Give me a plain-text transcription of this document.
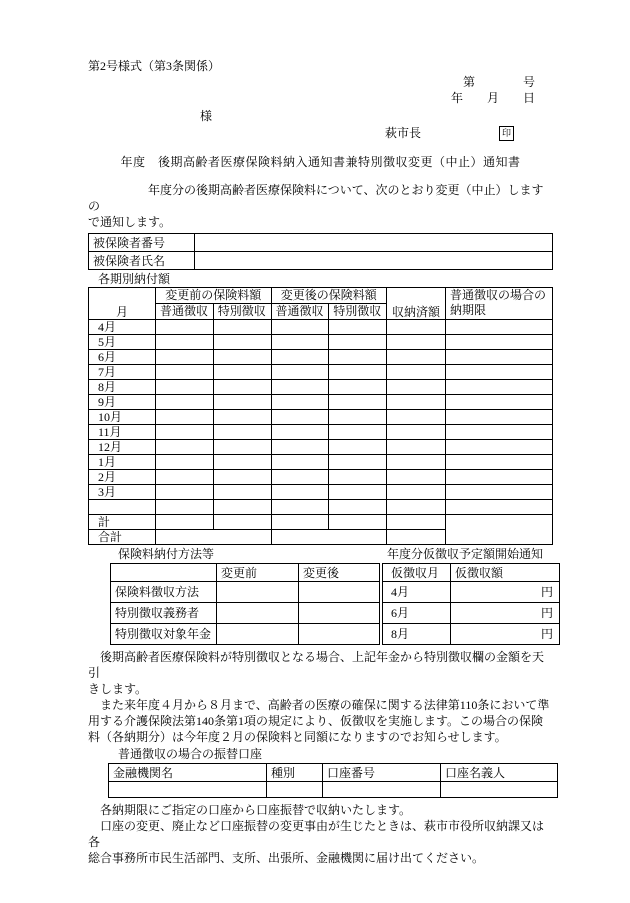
第2号様式（第3条関係）
第　　　　号
年　　月　　日
様
萩市長	印
年度　後期高齢者医療保険料納入通知書兼特別徴収変更（中止）通知書
　　　　　年度分の後期高齢者医療保険料について、次のとおり変更（中止）しますの
で通知します。
被保険者番号	
被保険者氏名	
各期別納付額
月	変更前の保険料額		変更後の保険料額		収納済額	普通徴収の場合の納期限
	普通徴収	特別徴収	普通徴収	特別徴収		
4月						
5月						
6月						
7月						
8月						
9月						
10月						
11月						
12月						
1月						
2月						
3月						

計						
合計						
保険料納付方法等
	変更前	変更後
保険料徴収方法		
特別徴収義務者		
特別徴収対象年金		
年度分仮徴収予定額開始通知
仮徴収月	仮徴収額
4月	円
6月	円
8月	円
　後期高齢者医療保険料が特別徴収となる場合、上記年金から特別徴収欄の金額を天引
きします。
　また来年度４月から８月まで、高齢者の医療の確保に関する法律第110条において準
用する介護保険法第140条第1項の規定により、仮徴収を実施します。この場合の保険
料（各納期分）は今年度２月の保険料と同額になりますのでお知らせします。
普通徴収の場合の振替口座
金融機関名	種別	口座番号	口座名義人

　各納期限にご指定の口座から口座振替で収納いたします。
　口座の変更、廃止など口座振替の変更事由が生じたときは、萩市市役所収納課又は各
総合事務所市民生活部門、支所、出張所、金融機関に届け出てください。
